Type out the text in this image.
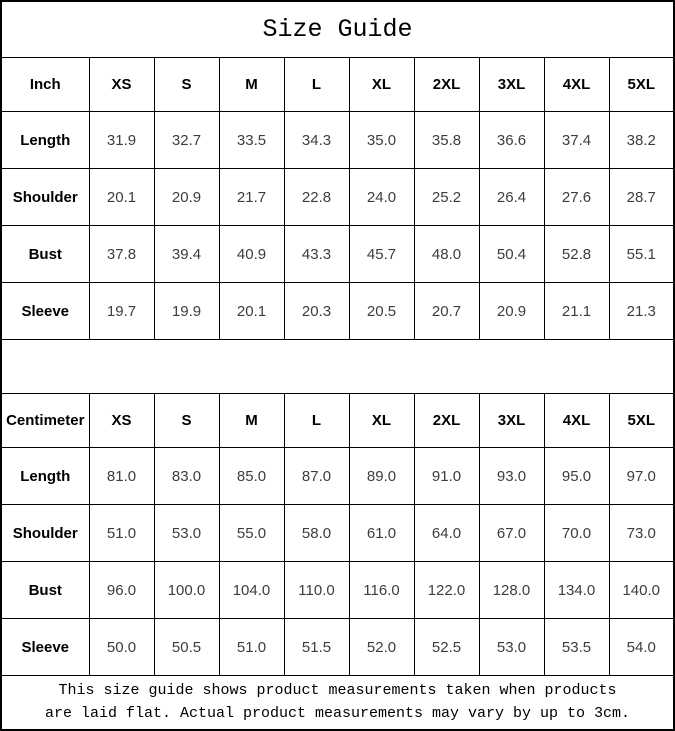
Size Guide									
Inch	XS	S	M	L	XL	2XL	3XL	4XL	5XL
Length	31.9	32.7	33.5	34.3	35.0	35.8	36.6	37.4	38.2
Shoulder	20.1	20.9	21.7	22.8	24.0	25.2	26.4	27.6	28.7
Bust	37.8	39.4	40.9	43.3	45.7	48.0	50.4	52.8	55.1
Sleeve	19.7	19.9	20.1	20.3	20.5	20.7	20.9	21.1	21.3

Centimeter	XS	S	M	L	XL	2XL	3XL	4XL	5XL
Length	81.0	83.0	85.0	87.0	89.0	91.0	93.0	95.0	97.0
Shoulder	51.0	53.0	55.0	58.0	61.0	64.0	67.0	70.0	73.0
Bust	96.0	100.0	104.0	110.0	116.0	122.0	128.0	134.0	140.0
Sleeve	50.0	50.5	51.0	51.5	52.0	52.5	53.0	53.5	54.0

This size guide shows product measurements taken when products
are laid flat. Actual product measurements may vary by up to 3cm.									
